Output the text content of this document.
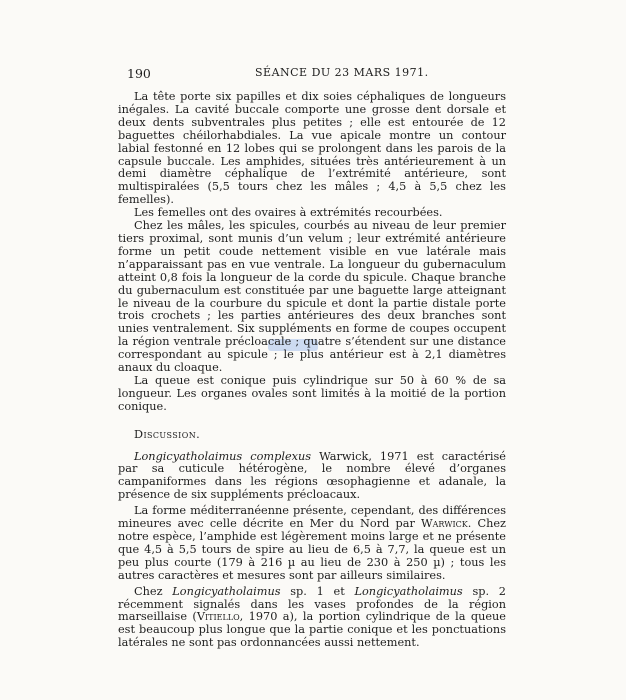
190	SÉANCE DU 23 MARS 1971.

La tête porte six papilles et dix soies céphaliques de longueurs inégales. La cavité buccale comporte une grosse dent dorsale et deux dents subventrales plus petites ; elle est entourée de 12 baguettes chéilorhabdiales. La vue apicale montre un contour labial festonné en 12 lobes qui se prolongent dans les parois de la capsule buccale. Les amphides, situées très antérieurement à un demi diamètre céphalique de l’extrémité antérieure, sont multispiralées (5,5 tours chez les mâles ; 4,5 à 5,5 chez les femelles).

Les femelles ont des ovaires à extrémités recourbées.

Chez les mâles, les spicules, courbés au niveau de leur premier tiers proximal, sont munis d’un velum ; leur extrémité antérieure forme un petit coude nettement visible en vue latérale mais n’apparaissant pas en vue ventrale. La longueur du gubernaculum atteint 0,8 fois la longueur de la corde du spicule. Chaque branche du gubernaculum est constituée par une baguette large atteignant le niveau de la courbure du spicule et dont la partie distale porte trois crochets ; les parties antérieures des deux branches sont unies ventralement. Six suppléments en forme de coupes occupent la région ventrale précloacale ; quatre s’étendent sur une distance correspondant au spicule ; le plus antérieur est à 2,1 diamètres anaux du cloaque.

La queue est conique puis cylindrique sur 50 à 60 % de sa longueur. Les organes ovales sont limités à la moitié de la portion conique.

Discussion.

Longicyatholaimus complexus Warwick, 1971 est caractérisé par sa cuticule hétérogène, le nombre élevé d’organes campaniformes dans les régions œsophagienne et adanale, la présence de six suppléments précloacaux.

La forme méditerranéenne présente, cependant, des différences mineures avec celle décrite en Mer du Nord par Warwick. Chez notre espèce, l’amphide est légèrement moins large et ne présente que 4,5 à 5,5 tours de spire au lieu de 6,5 à 7,7, la queue est un peu plus courte (179 à 216 µ au lieu de 230 à 250 µ) ; tous les autres caractères et mesures sont par ailleurs similaires.

Chez Longicyatholaimus sp. 1 et Longicyatholaimus sp. 2 récemment signalés dans les vases profondes de la région marseillaise (Vitiello, 1970 a), la portion cylindrique de la queue est beaucoup plus longue que la partie conique et les ponctuations latérales ne sont pas ordonnancées aussi nettement.
